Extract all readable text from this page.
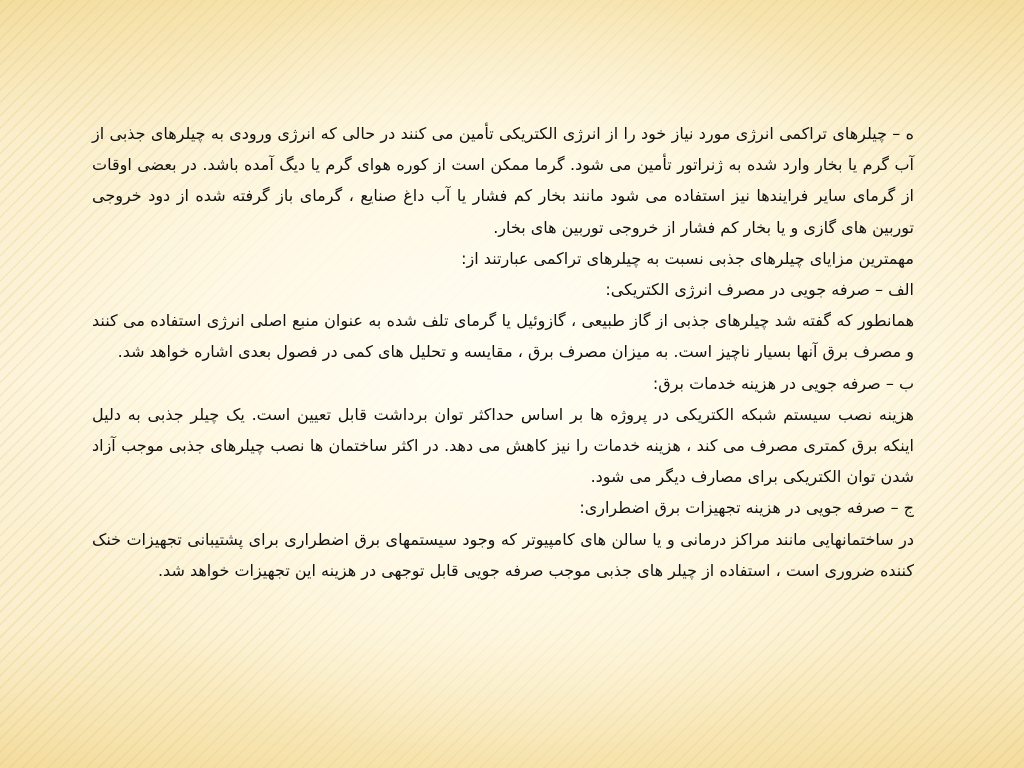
ه – چیلرهای تراکمی انرژی مورد نیاز خود را از انرژی الکتریکی تأمین می کنند در حالی که انرژی ورودی به چیلرهای جذبی از آب گرم یا بخار وارد شده به ژنراتور تأمین می شود. گرما ممکن است از کوره هوای گرم یا دیگ آمده باشد. در بعضی اوقات از گرمای سایر فرایندها نیز استفاده می شود مانند بخار کم فشار یا آب داغ صنایع ، گرمای باز گرفته شده از دود خروجی توربین های گازی و یا بخار کم فشار از خروجی توربین های بخار.

مهمترین مزایای چیلرهای جذبی نسبت به چیلرهای تراکمی عبارتند از:

الف – صرفه جویی در مصرف انرژی الکتریکی:

همانطور که گفته شد چیلرهای جذبی از گاز طبیعی ، گازوئیل یا گرمای تلف شده به عنوان منبع اصلی انرژی استفاده می کنند و مصرف برق آنها بسیار ناچیز است. به میزان مصرف برق ، مقایسه و تحلیل های کمی در فصول بعدی اشاره خواهد شد.

ب – صرفه جویی در هزینه خدمات برق:

هزینه نصب سیستم شبکه الکتریکی در پروژه ها بر اساس حداکثر توان برداشت قابل تعیین است. یک چیلر جذبی به دلیل اینکه برق کمتری مصرف می کند ، هزینه خدمات را نیز کاهش می دهد. در اکثر ساختمان ها نصب چیلرهای جذبی موجب آزاد شدن توان الکتریکی برای مصارف دیگر می شود.

ج – صرفه جویی در هزینه تجهیزات برق اضطراری:

در ساختمانهایی مانند مراکز درمانی و یا سالن های کامپیوتر که وجود سیستمهای برق اضطراری برای پشتیبانی تجهیزات خنک کننده ضروری است ، استفاده از چیلر های جذبی موجب صرفه جویی قابل توجهی در هزینه این تجهیزات خواهد شد.
